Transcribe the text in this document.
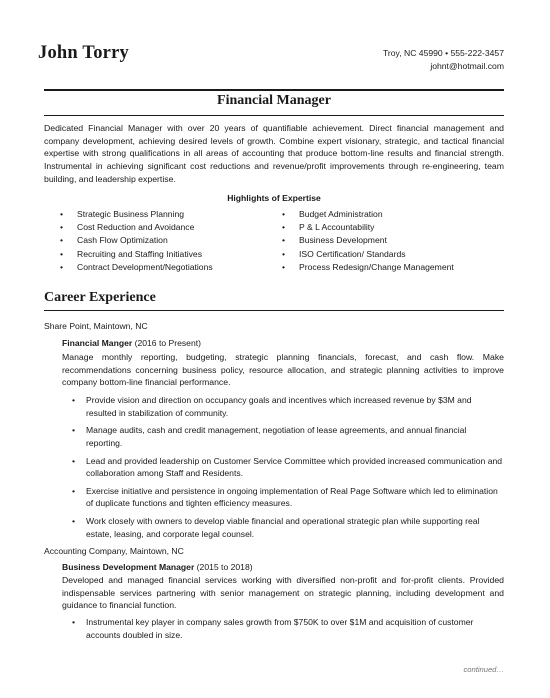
John Torry	Troy, NC 45990 • 555-222-3457
johnt@hotmail.com
Financial Manager

Dedicated Financial Manager with over 20 years of quantifiable achievement. Direct financial management and company development, achieving desired levels of growth. Combine expert visionary, strategic, and tactical financial expertise with strong qualifications in all areas of accounting that produce bottom-line results and financial strength. Instrumental in achieving significant cost reductions and revenue/profit improvements through re-engineering, team building, and leadership expertise.

Highlights of Expertise
• Strategic Business Planning
• Cost Reduction and Avoidance
• Cash Flow Optimization
• Recruiting and Staffing Initiatives
• Contract Development/Negotiations
• Budget Administration
• P & L Accountability
• Business Development
• ISO Certification/ Standards
• Process Redesign/Change Management
Career Experience
Share Point, Maintown, NC
Financial Manger (2016 to Present)

Manage monthly reporting, budgeting, strategic planning financials, forecast, and cash flow. Make recommendations concerning business policy, resource allocation, and strategic planning activities to improve company bottom-line financial performance.

• Provide vision and direction on occupancy goals and incentives which increased revenue by $3M and resulted in stabilization of community.
• Manage audits, cash and credit management, negotiation of lease agreements, and annual financial reporting.
• Lead and provided leadership on Customer Service Committee which provided increased communication and collaboration among Staff and Residents.
• Exercise initiative and persistence in ongoing implementation of Real Page Software which led to elimination of duplicate functions and tighten efficiency measures.
• Work closely with owners to develop viable financial and operational strategic plan while supporting real estate, leasing, and corporate legal counsel.
Accounting Company, Maintown, NC
Business Development Manager (2015 to 2018)

Developed and managed financial services working with diversified non-profit and for-profit clients. Provided indispensable services partnering with senior management on strategic planning, including development and guidance to financial function.

• Instrumental key player in company sales growth from $750K to over $1M and acquisition of customer accounts doubled in size.
continued…
